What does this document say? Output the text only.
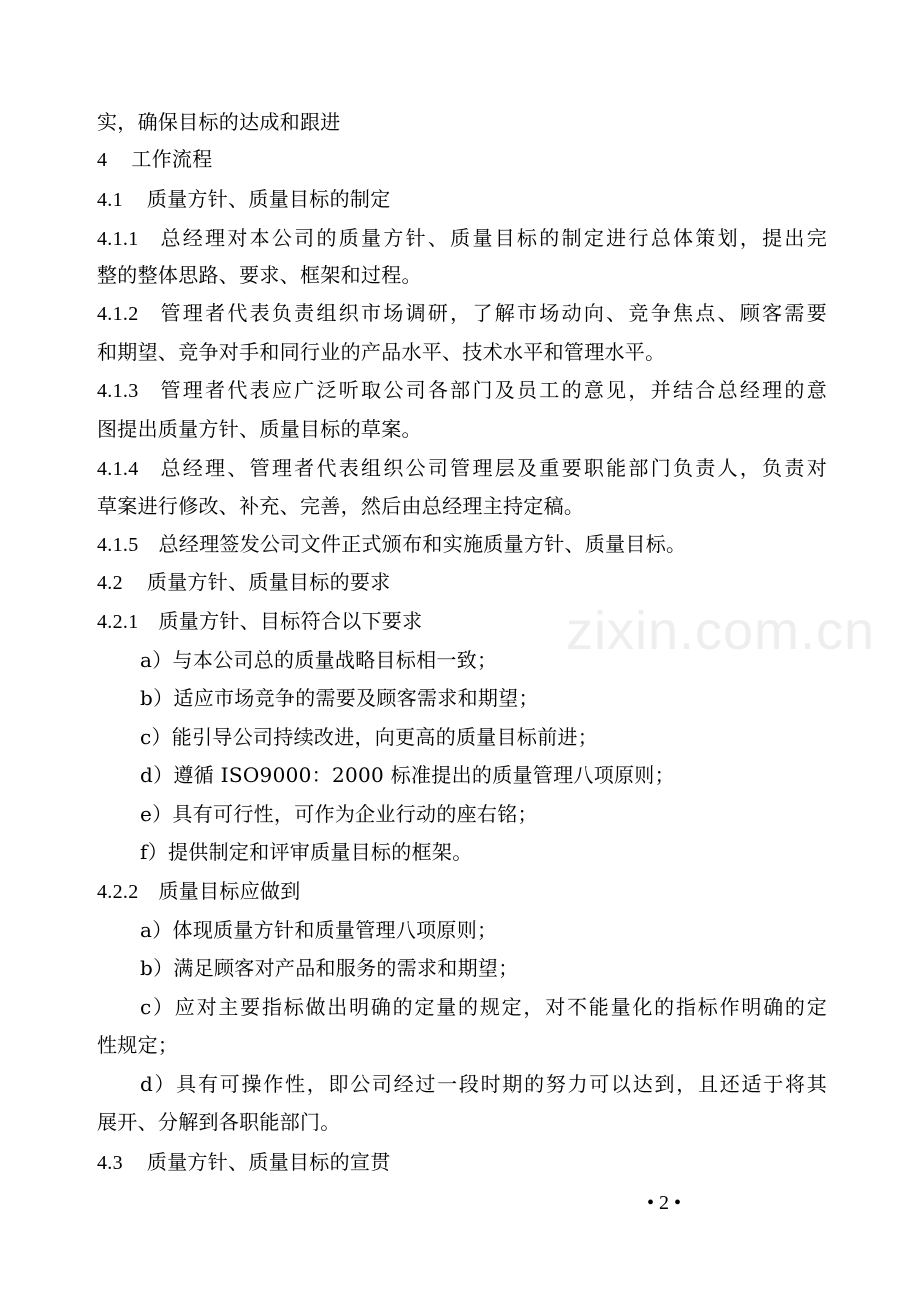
实，确保目标的达成和跟进
4 工作流程
4.1 质量方针、质量目标的制定
4.1.1 总经理对本公司的质量方针、质量目标的制定进行总体策划，提出完
整的整体思路、要求、框架和过程。
4.1.2 管理者代表负责组织市场调研，了解市场动向、竞争焦点、顾客需要
和期望、竞争对手和同行业的产品水平、技术水平和管理水平。
4.1.3 管理者代表应广泛听取公司各部门及员工的意见，并结合总经理的意
图提出质量方针、质量目标的草案。
4.1.4 总经理、管理者代表组织公司管理层及重要职能部门负责人，负责对
草案进行修改、补充、完善，然后由总经理主持定稿。
4.1.5 总经理签发公司文件正式颁布和实施质量方针、质量目标。
4.2 质量方针、质量目标的要求
4.2.1 质量方针、目标符合以下要求
a）与本公司总的质量战略目标相一致；
b）适应市场竞争的需要及顾客需求和期望；
c）能引导公司持续改进，向更高的质量目标前进；
d）遵循 ISO9000：2000 标准提出的质量管理八项原则；
e）具有可行性，可作为企业行动的座右铭；
f）提供制定和评审质量目标的框架。
4.2.2 质量目标应做到
a）体现质量方针和质量管理八项原则；
b）满足顾客对产品和服务的需求和期望；
c）应对主要指标做出明确的定量的规定，对不能量化的指标作明确的定
性规定；
d）具有可操作性，即公司经过一段时期的努力可以达到，且还适于将其
展开、分解到各职能部门。
4.3 质量方针、质量目标的宣贯
zixin.com.cn
• 2 •
